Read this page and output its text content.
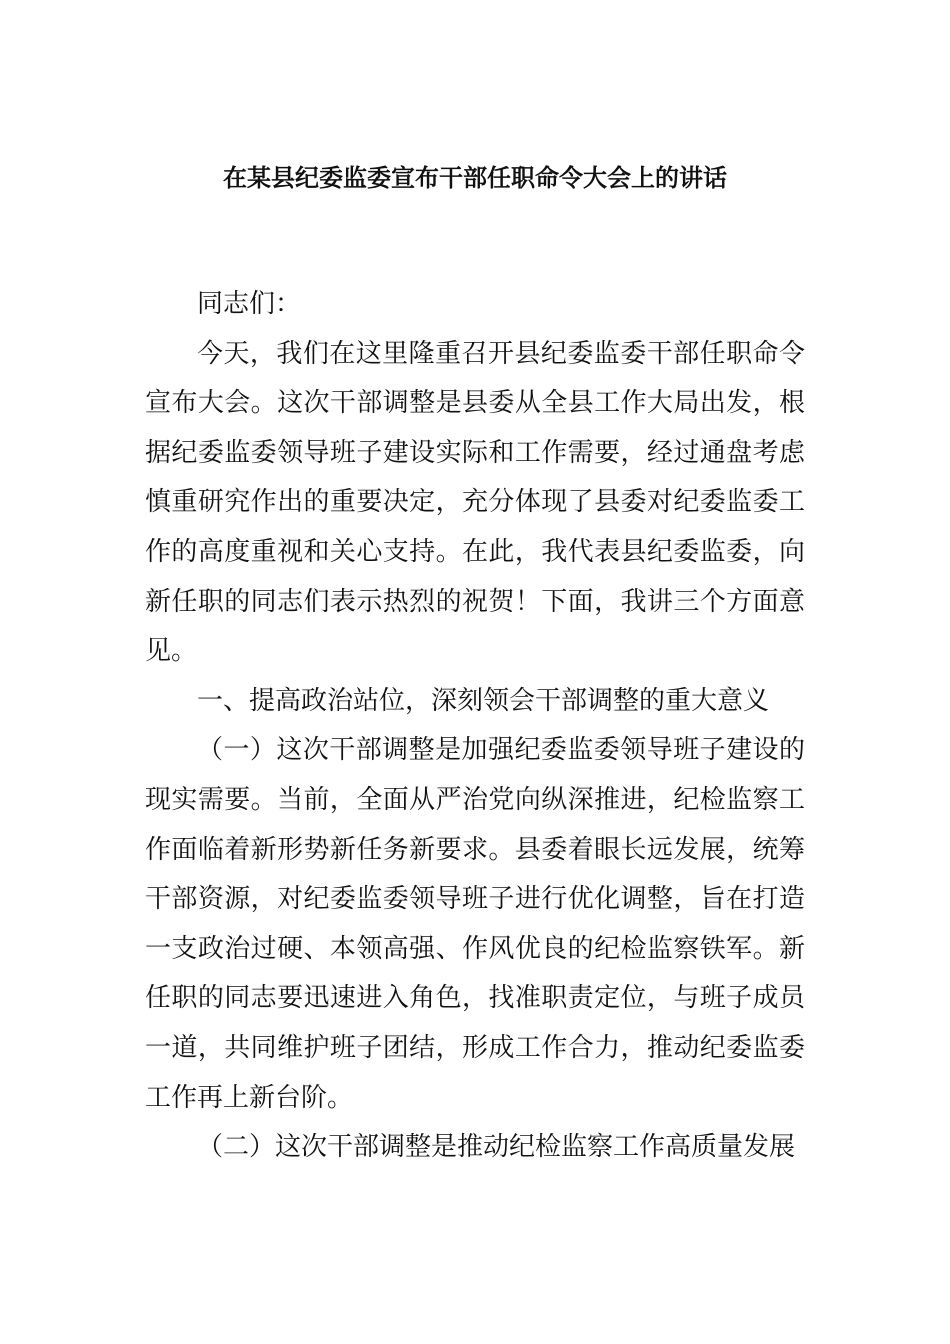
在某县纪委监委宣布干部任职命令大会上的讲话

同志们：

今天，我们在这里隆重召开县纪委监委干部任职命令宣布大会。这次干部调整是县委从全县工作大局出发，根据纪委监委领导班子建设实际和工作需要，经过通盘考虑慎重研究作出的重要决定，充分体现了县委对纪委监委工作的高度重视和关心支持。在此，我代表县纪委监委，向新任职的同志们表示热烈的祝贺！下面，我讲三个方面意见。

一、提高政治站位，深刻领会干部调整的重大意义

（一）这次干部调整是加强纪委监委领导班子建设的现实需要。当前，全面从严治党向纵深推进，纪检监察工作面临着新形势新任务新要求。县委着眼长远发展，统筹干部资源，对纪委监委领导班子进行优化调整，旨在打造一支政治过硬、本领高强、作风优良的纪检监察铁军。新任职的同志要迅速进入角色，找准职责定位，与班子成员一道，共同维护班子团结，形成工作合力，推动纪委监委工作再上新台阶。

（二）这次干部调整是推动纪检监察工作高质量发展
